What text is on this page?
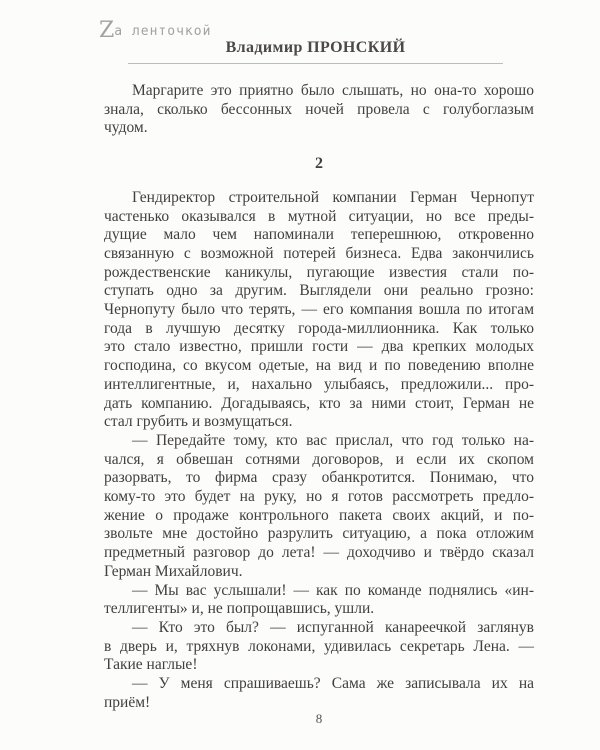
Zа ленточкой
Владимир ПРОНСКИЙ
Маргарите это приятно было слышать, но она-то хорошо
знала, сколько бессонных ночей провела с голубоглазым
чудом.
2
Гендиректор строительной компании Герман Чернопут
частенько оказывался в мутной ситуации, но все преды-
дущие мало чем напоминали теперешнюю, откровенно
связанную с возможной потерей бизнеса. Едва закончились
рождественские каникулы, пугающие известия стали по-
ступать одно за другим. Выглядели они реально грозно:
Чернопуту было что терять, — его компания вошла по итогам
года в лучшую десятку города-миллионника. Как только
это стало известно, пришли гости — два крепких молодых
господина, со вкусом одетые, на вид и по поведению вполне
интеллигентные, и, нахально улыбаясь, предложили... про-
дать компанию. Догадываясь, кто за ними стоит, Герман не
стал грубить и возмущаться.
— Передайте тому, кто вас прислал, что год только на-
чался, я обвешан сотнями договоров, и если их скопом
разорвать, то фирма сразу обанкротится. Понимаю, что
кому-то это будет на руку, но я готов рассмотреть предло-
жение о продаже контрольного пакета своих акций, и по-
звольте мне достойно разрулить ситуацию, а пока отложим
предметный разговор до лета! — доходчиво и твёрдо сказал
Герман Михайлович.
— Мы вас услышали! — как по команде поднялись «ин-
теллигенты» и, не попрощавшись, ушли.
— Кто это был? — испуганной канареечкой заглянув
в дверь и, тряхнув локонами, удивилась секретарь Лена. —
Такие наглые!
— У меня спрашиваешь? Сама же записывала их на
приём!
8
